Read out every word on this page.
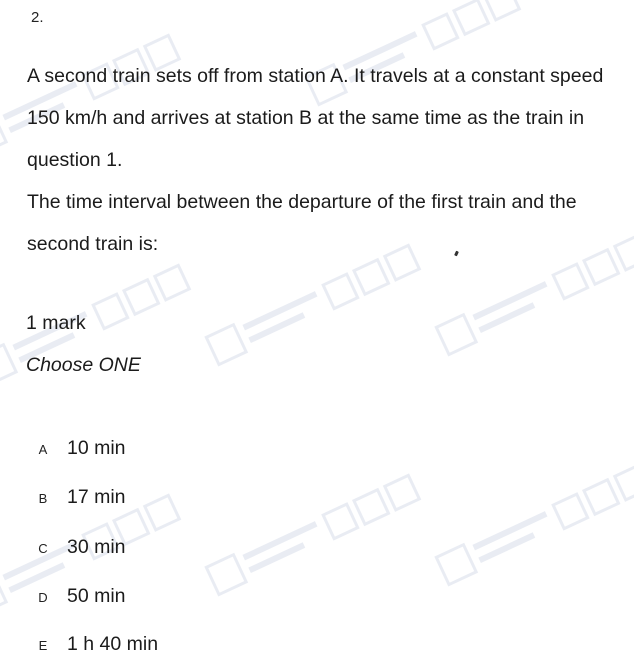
2.
A second train sets off from station A. It travels at a constant speed
150 km/h and arrives at station B at the same time as the train in
question 1.
The time interval between the departure of the first train and the
second train is:
1 mark
Choose ONE
A 10 min
B 17 min
C 30 min
D 50 min
E 1 h 40 min
